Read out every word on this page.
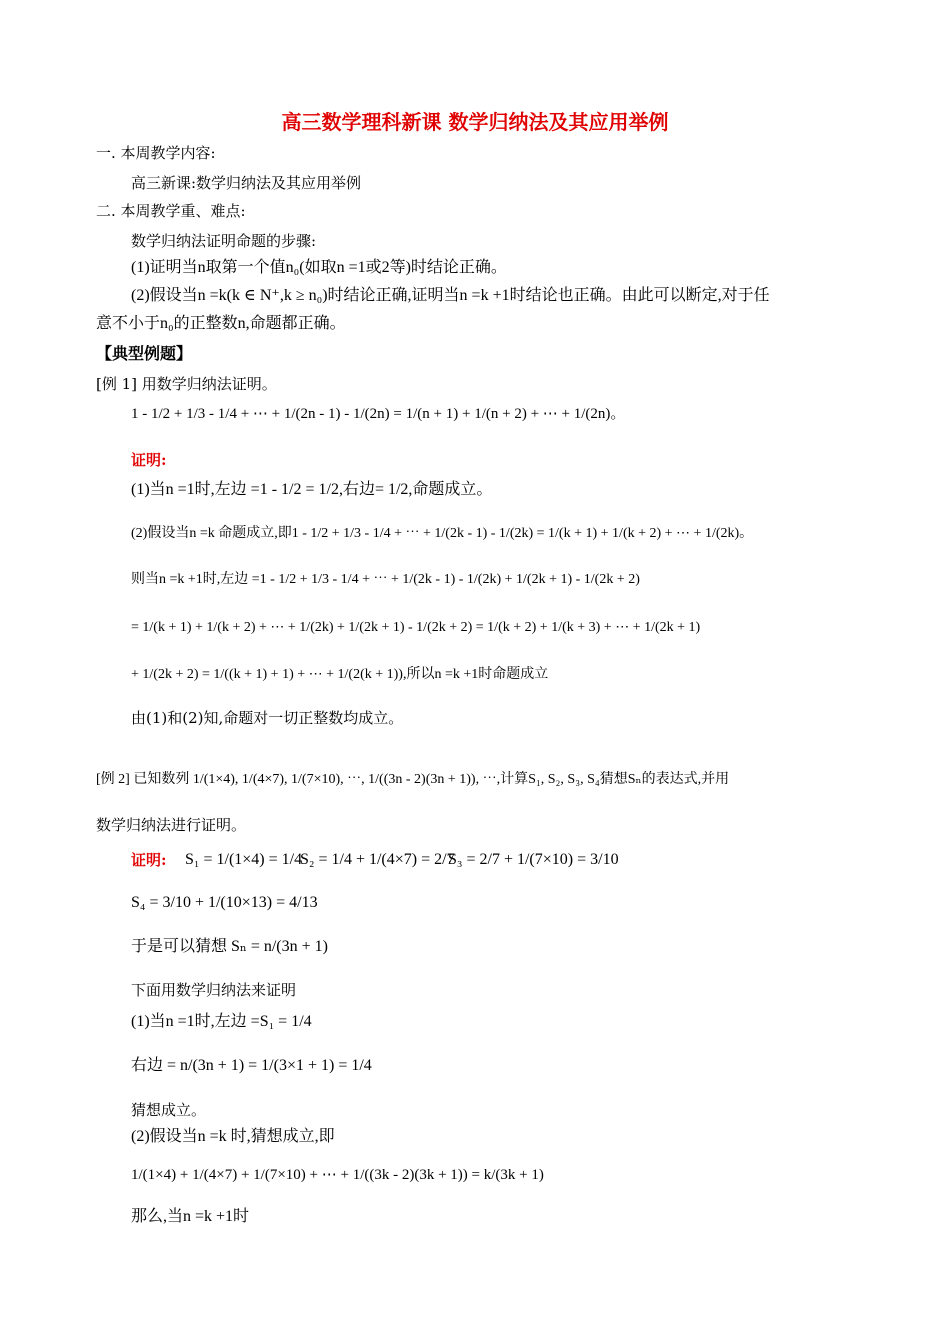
高三数学理科新课 数学归纳法及其应用举例
一. 本周教学内容:
高三新课:数学归纳法及其应用举例
二. 本周教学重、难点:
数学归纳法证明命题的步骤:
(1)证明当n取第一个值n₀(如取n =1或2等)时结论正确。
(2)假设当n =k(k ∈ N⁺,k ≥ n₀)时结论正确,证明当n =k +1时结论也正确。由此可以断定,对于任
意不小于n₀的正整数n,命题都正确。
【典型例题】
[例 1] 用数学归纳法证明。
1 - 1/2 + 1/3 - 1/4 + ⋯ + 1/(2n - 1) - 1/(2n) = 1/(n + 1) + 1/(n + 2) + ⋯ + 1/(2n)。
证明:
(1)当n =1时,左边 =1 - 1/2 = 1/2,右边= 1/2,命题成立。
(2)假设当n =k 命题成立,即1 - 1/2 + 1/3 - 1/4 + ⋯ + 1/(2k - 1) - 1/(2k) = 1/(k + 1) + 1/(k + 2) + ⋯ + 1/(2k)。
则当n =k +1时,左边 =1 - 1/2 + 1/3 - 1/4 + ⋯ + 1/(2k - 1) - 1/(2k) + 1/(2k + 1) - 1/(2k + 2)
= 1/(k + 1) + 1/(k + 2) + ⋯ + 1/(2k) + 1/(2k + 1) - 1/(2k + 2) = 1/(k + 2) + 1/(k + 3) + ⋯ + 1/(2k + 1)
+ 1/(2k + 2) = 1/((k + 1) + 1) + ⋯ + 1/(2(k + 1)),所以n =k +1时命题成立
由(1)和(2)知,命题对一切正整数均成立。
[例 2] 已知数列 1/(1×4), 1/(4×7), 1/(7×10), ⋯, 1/((3n - 2)(3n + 1)), ⋯,计算S₁, S₂, S₃, S₄猜想Sₙ的表达式,并用
数学归纳法进行证明。
证明: S₁ = 1/(1×4) = 1/4
S₂ = 1/4 + 1/(4×7) = 2/7
S₃ = 2/7 + 1/(7×10) = 3/10
S₄ = 3/10 + 1/(10×13) = 4/13
于是可以猜想 Sₙ = n/(3n + 1)
下面用数学归纳法来证明
(1)当n =1时,左边 =S₁ = 1/4
右边 = n/(3n + 1) = 1/(3×1 + 1) = 1/4
猜想成立。
(2)假设当n =k 时,猜想成立,即
1/(1×4) + 1/(4×7) + 1/(7×10) + ⋯ + 1/((3k - 2)(3k + 1)) = k/(3k + 1)
那么,当n =k +1时
